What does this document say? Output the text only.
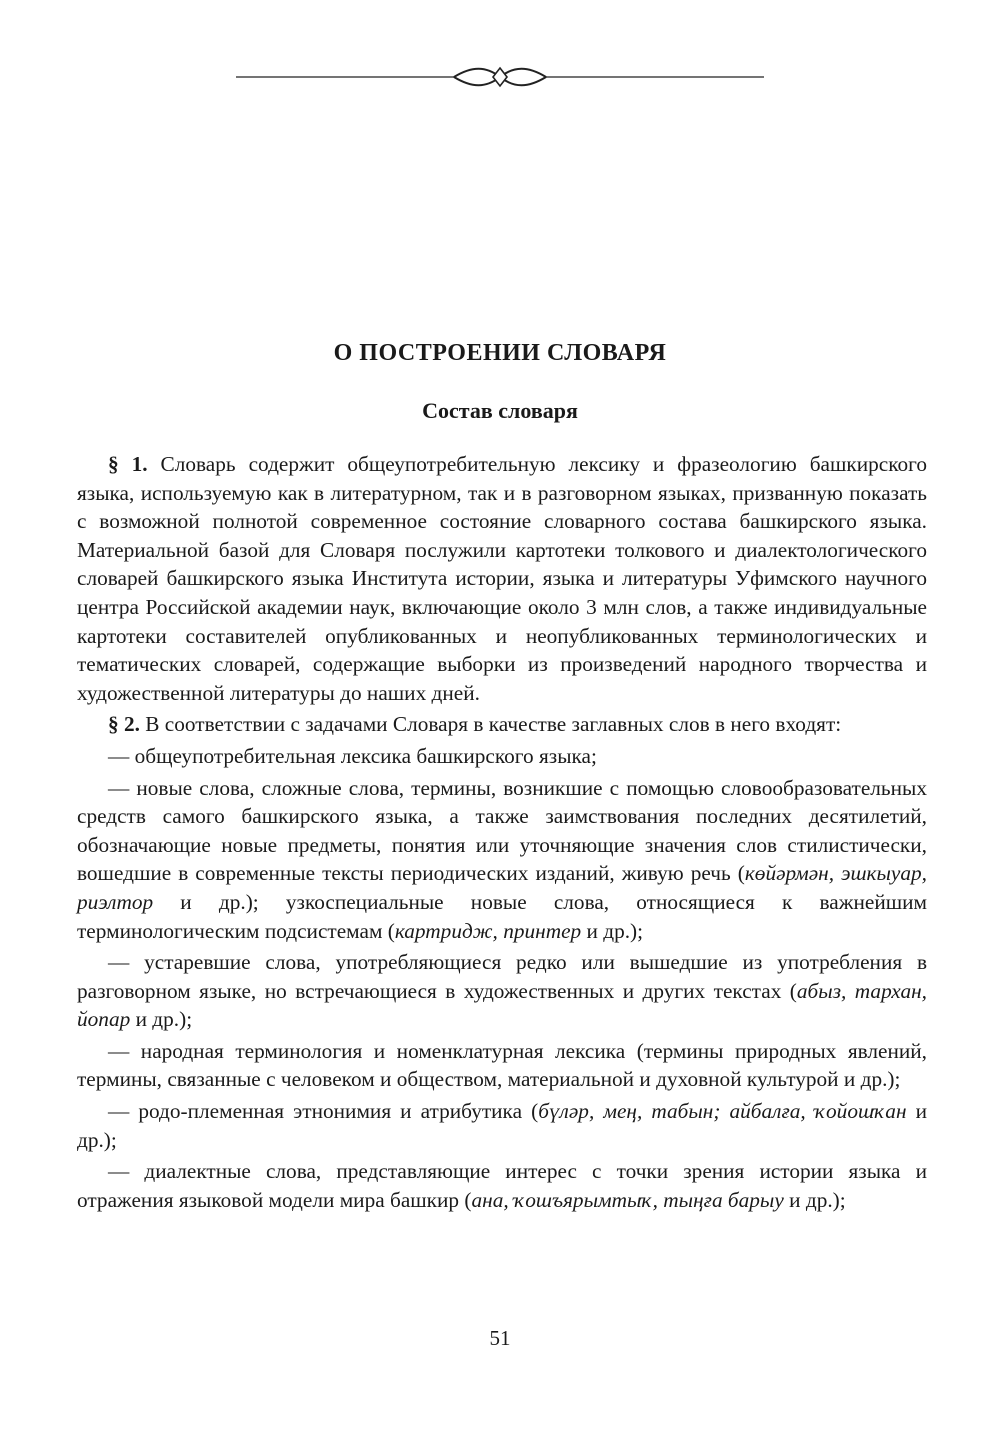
О ПОСТРОЕНИИ СЛОВАРЯ
Состав словаря

§ 1. Словарь содержит общеупотребительную лексику и фразеологию башкирского языка, используемую как в литературном, так и в разговорном языках, призванную показать с возможной полнотой современное состояние словарного состава башкирского языка. Материальной базой для Словаря послужили картотеки толкового и диалектологического словарей башкирского языка Института истории, языка и литературы Уфимского научного центра Российской академии наук, включающие около 3 млн слов, а также индивидуальные картотеки составителей опубликованных и неопубликованных терминологических и тематических словарей, содержащие выборки из произведений народного творчества и художественной литературы до наших дней.

§ 2. В соответствии с задачами Словаря в качестве заглавных слов в него входят:

— общеупотребительная лексика башкирского языка;

— новые слова, сложные слова, термины, возникшие с помощью словообразовательных средств самого башкирского языка, а также заимствования последних десятилетий, обозначающие новые предметы, понятия или уточняющие значения слов стилистически, вошедшие в современные тексты периодических изданий, живую речь (көйәрмән, эшкыуар, риэлтор и др.); узкоспециальные новые слова, относящиеся к важнейшим терминологическим подсистемам (картридж, принтер и др.);

— устаревшие слова, употребляющиеся редко или вышедшие из употребления в разговорном языке, но встречающиеся в художественных и других текстах (абыз, тархан, йопар и др.);

— народная терминология и номенклатурная лексика (термины природных явлений, термины, связанные с человеком и обществом, материальной и духовной культурой и др.);

— родо-племенная этнонимия и атрибутика (бүләр, мең, табын; айбалға, ҡойошҡан и др.);

— диалектные слова, представляющие интерес с точки зрения истории языка и отражения языковой модели мира башкир (ана, ҡошъярымтыҡ, тыңға барыу и др.);

51
